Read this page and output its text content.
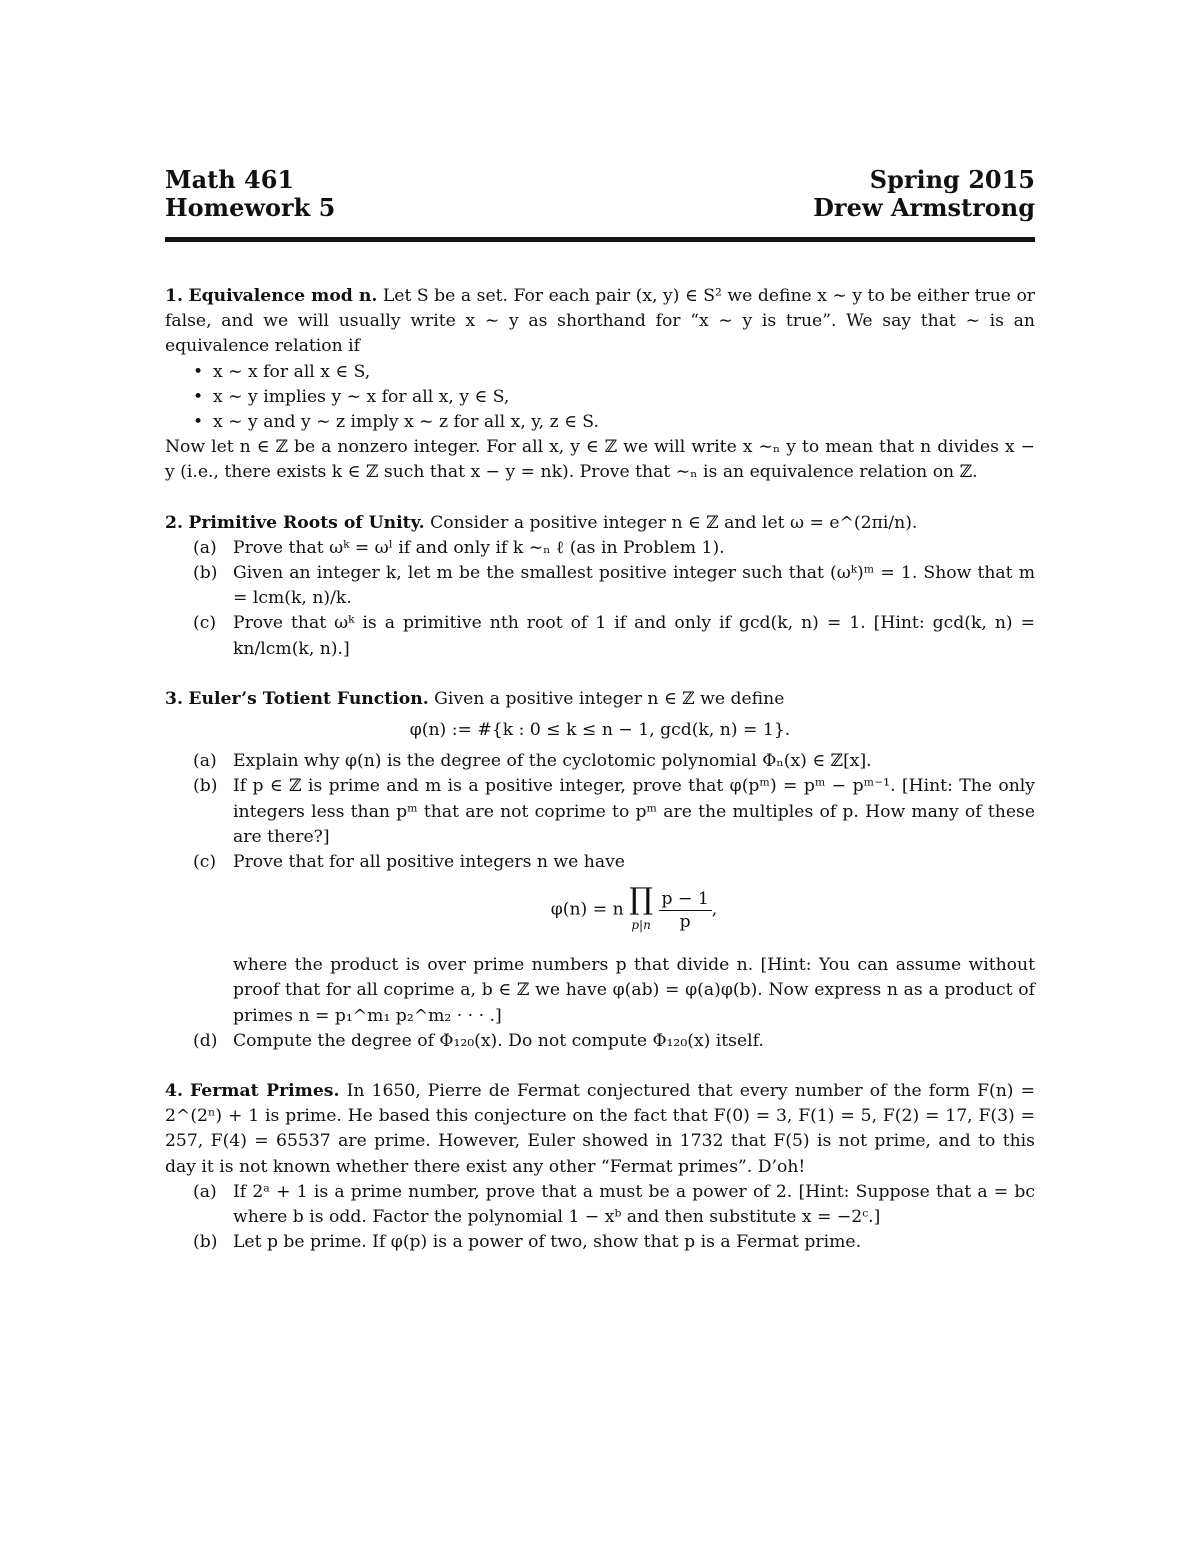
Math 461	Spring 2015
Homework 5	Drew Armstrong

1. Equivalence mod n. Let S be a set. For each pair (x, y) ∈ S² we define x ∼ y to be either true or false, and we will usually write x ∼ y as shorthand for “x ∼ y is true”. We say that ∼ is an equivalence relation if

• x ∼ x for all x ∈ S,
• x ∼ y implies y ∼ x for all x, y ∈ S,
• x ∼ y and y ∼ z imply x ∼ z for all x, y, z ∈ S.

Now let n ∈ ℤ be a nonzero integer. For all x, y ∈ ℤ we will write x ∼ₙ y to mean that n divides x − y (i.e., there exists k ∈ ℤ such that x − y = nk). Prove that ∼ₙ is an equivalence relation on ℤ.

2. Primitive Roots of Unity. Consider a positive integer n ∈ ℤ and let ω = e^(2πi/n).

(a) Prove that ωᵏ = ωˡ if and only if k ∼ₙ ℓ (as in Problem 1).
(b) Given an integer k, let m be the smallest positive integer such that (ωᵏ)ᵐ = 1. Show that m = lcm(k, n)/k.
(c) Prove that ωᵏ is a primitive nth root of 1 if and only if gcd(k, n) = 1. [Hint: gcd(k, n) = kn/lcm(k, n).]

3. Euler’s Totient Function. Given a positive integer n ∈ ℤ we define

φ(n) := #{k : 0 ≤ k ≤ n − 1, gcd(k, n) = 1}.
(a) Explain why φ(n) is the degree of the cyclotomic polynomial Φₙ(x) ∈ ℤ[x].
(b) If p ∈ ℤ is prime and m is a positive integer, prove that φ(pᵐ) = pᵐ − pᵐ⁻¹. [Hint: The only integers less than pᵐ that are not coprime to pᵐ are the multiples of p. How many of these are there?]
(c) Prove that for all positive integers n we have
φ(n) = n ∏
p|n
$\frac{p - 1}{p}$ ,

where the product is over prime numbers p that divide n. [Hint: You can assume without proof that for all coprime a, b ∈ ℤ we have φ(ab) = φ(a)φ(b). Now express n as a product of primes n = p₁^m₁ p₂^m₂ · · · .]

(d) Compute the degree of Φ₁₂₀(x). Do not compute Φ₁₂₀(x) itself.

4. Fermat Primes. In 1650, Pierre de Fermat conjectured that every number of the form F(n) = 2^(2ⁿ) + 1 is prime. He based this conjecture on the fact that F(0) = 3, F(1) = 5, F(2) = 17, F(3) = 257, F(4) = 65537 are prime. However, Euler showed in 1732 that F(5) is not prime, and to this day it is not known whether there exist any other “Fermat primes”. D’oh!

(a) If 2ᵃ + 1 is a prime number, prove that a must be a power of 2. [Hint: Suppose that a = bc where b is odd. Factor the polynomial 1 − xᵇ and then substitute x = −2ᶜ.]
(b) Let p be prime. If φ(p) is a power of two, show that p is a Fermat prime.
